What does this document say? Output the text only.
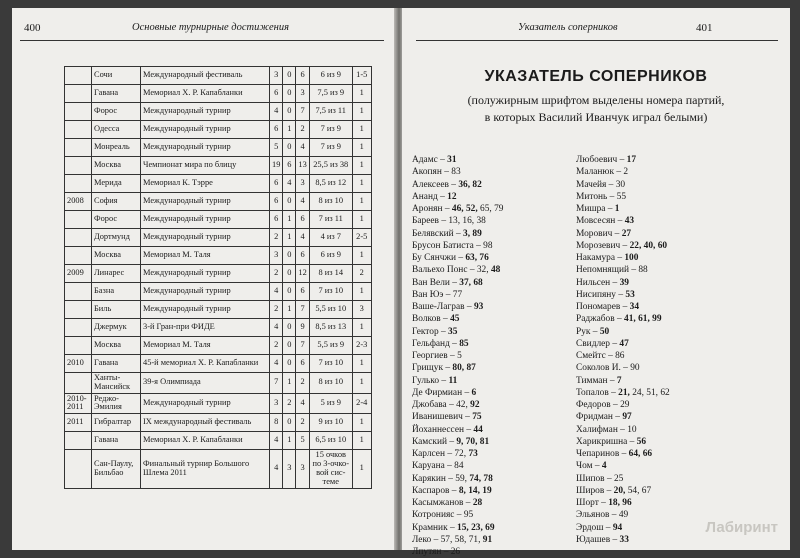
400	Основные турнирные достижения
	Сочи	Международный фестиваль	3	0	6	6 из 9	1-5
	Гавана	Мемориал Х. Р. Капабланки	6	0	3	7,5 из 9	1
	Форос	Международный турнир	4	0	7	7,5 из 11	1
	Одесса	Международный турнир	6	1	2	7 из 9	1
	Монреаль	Международный турнир	5	0	4	7 из 9	1
	Москва	Чемпионат мира по блицу	19	6	13	25,5 из 38	1
	Мерида	Мемориал К. Тэрре	6	4	3	8,5 из 12	1
2008	София	Международный турнир	6	0	4	8 из 10	1
	Форос	Международный турнир	6	1	6	7 из 11	1
	Дортмунд	Международный турнир	2	1	4	4 из 7	2-5
	Москва	Мемориал М. Таля	3	0	6	6 из 9	1
2009	Линарес	Международный турнир	2	0	12	8 из 14	2
	Базна	Международный турнир	4	0	6	7 из 10	1
	Биль	Международный турнир	2	1	7	5,5 из 10	3
	Джермук	3-й Гран-при ФИДЕ	4	0	9	8,5 из 13	1
	Москва	Мемориал М. Таля	2	0	7	5,5 из 9	2-3
2010	Гавана	45-й мемориал Х. Р. Капабланки	4	0	6	7 из 10	1
	Ханты-Мансийск	39-я Олимпиада	7	1	2	8 из 10	1
2010-2011	Реджо-Эмилия	Международный турнир	3	2	4	5 из 9	2-4
2011	Гибралтар	IX международный фестиваль	8	0	2	9 из 10	1
	Гавана	Мемориал Х. Р. Капабланки	4	1	5	6,5 из 10	1
	Сан-Паулу, Бильбао	Финальный турнир Большого Шлема 2011	4	3	3	15 очков по 3-очко-вой сис-теме	1
Указатель соперников	401
УКАЗАТЕЛЬ СОПЕРНИКОВ
(полужирным шрифтом выделены номера партий,
в которых Василий Иванчук играл белыми)
Адамс – 31
Акопян – 83
Алексеев – 36, 82
Ананд – 12
Аронян – 46, 52, 65, 79
Бареев – 13, 16, 38
Белявский – 3, 89
Брусон Батиста – 98
Бу Сянчжи – 63, 76
Вальехо Понс – 32, 48
Ван Вели – 37, 68
Ван Юэ – 77
Ваше-Лаграв – 93
Волков – 45
Гектор – 35
Гельфанд – 85
Георгиев – 5
Грищук – 80, 87
Гулько – 11
Де Фирмиан – 6
Джобава – 42, 92
Иванишевич – 75
Йоханнессен – 44
Камский – 9, 70, 81
Карлсен – 72, 73
Каруана – 84
Карякин – 59, 74, 78
Каспаров – 8, 14, 19
Касымжанов – 28
Котронияс – 95
Крамник – 15, 23, 69
Леко – 57, 58, 71, 91
Лпутян – 26
Любоевич – 17
Маланюк – 2
Мачейя – 30
Митонь – 55
Мишра – 1
Мовсесян – 43
Морович – 27
Морозевич – 22, 40, 60
Накамура – 100
Непомнящий – 88
Нильсен – 39
Нисипяну – 53
Пономарев – 34
Раджабов – 41, 61, 99
Рук – 50
Свидлер – 47
Смейтс – 86
Соколов И. – 90
Тимман – 7
Топалов – 21, 24, 51, 62
Федоров – 29
Фридман – 97
Халифман – 10
Харикришна – 56
Чепаринов – 64, 66
Чом – 4
Шипов – 25
Широв – 20, 54, 67
Шорт – 18, 96
Эльянов – 49
Эрдош – 94
Юдашев – 33
Лабиринт
